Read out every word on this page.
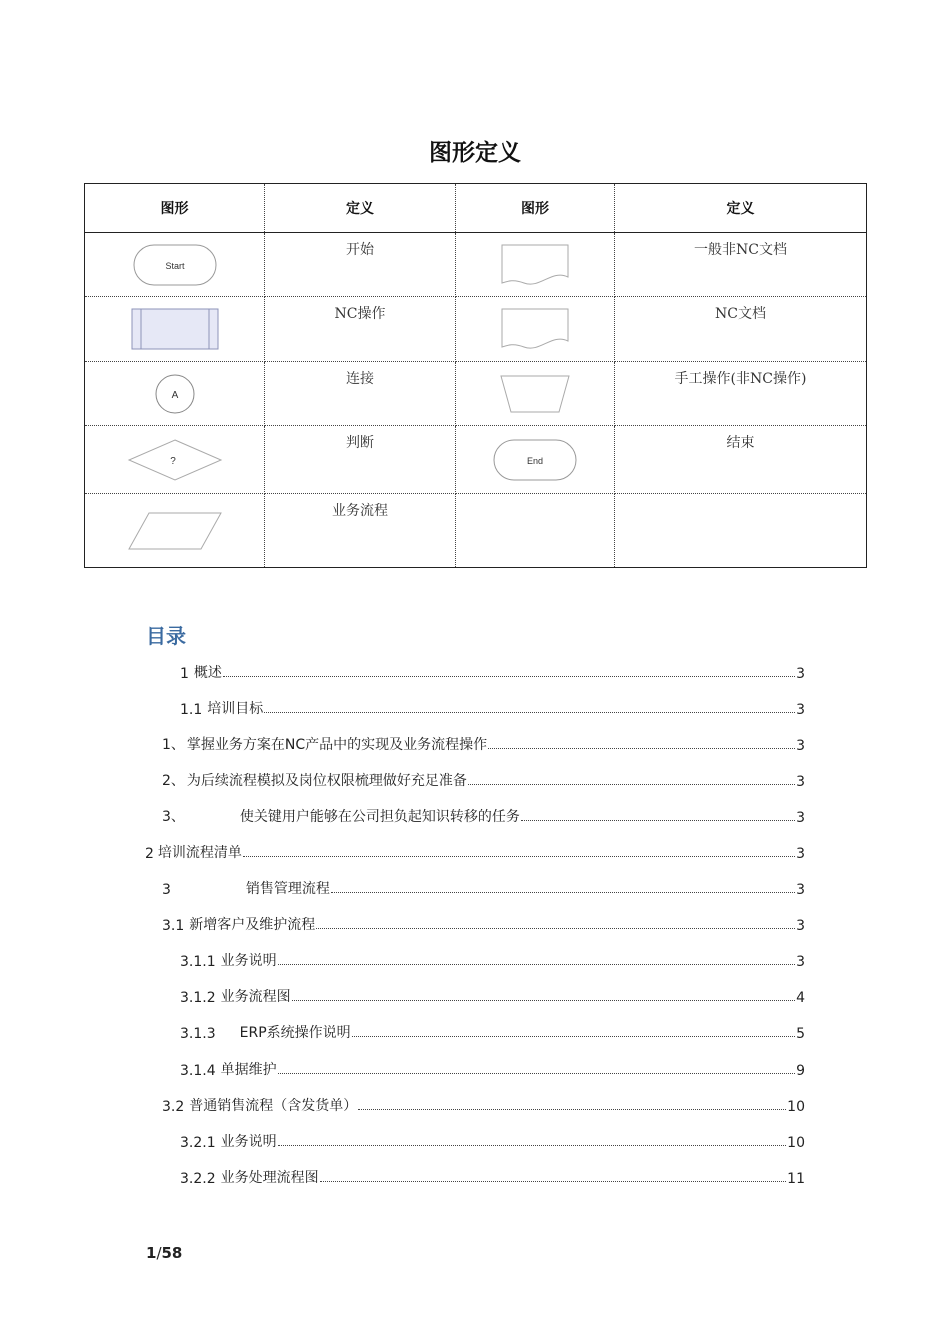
图形定义
图形	定义	图形	定义

Start	开始		一般非NC文档

	NC操作		NC文档

A	连接		手工操作(非NC操作)

?	判断	End	结束

	业务流程		
目录
1 概述	3
1.1 培训目标	3
1、 掌握业务方案在NC产品中的实现及业务流程操作	3
2、 为后续流程模拟及岗位权限梳理做好充足准备	3
3、	使关键用户能够在公司担负起知识转移的任务	3
2 培训流程清单	3
3	销售管理流程	3
3.1 新增客户及维护流程	3
3.1.1 业务说明	3
3.1.2 业务流程图	4
3.1.3 ERP系统操作说明	5
3.1.4 单据维护	9
3.2 普通销售流程（含发货单）	10
3.2.1 业务说明	10
3.2.2 业务处理流程图	11
1/58
